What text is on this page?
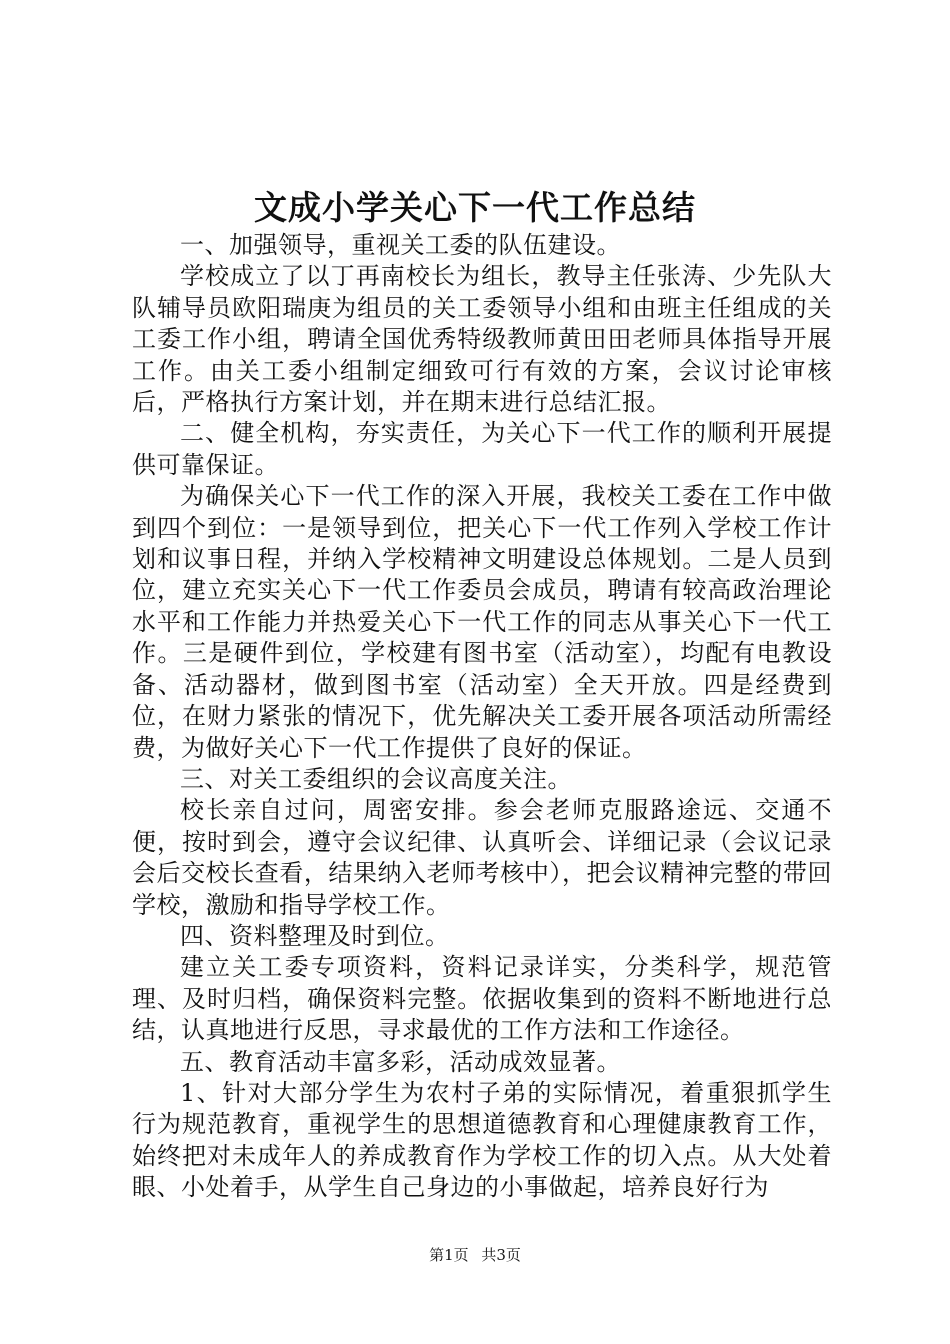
文成小学关心下一代工作总结

一、加强领导，重视关工委的队伍建设。

学校成立了以丁再南校长为组长，教导主任张涛、少先队大队辅导员欧阳瑞庚为组员的关工委领导小组和由班主任组成的关工委工作小组，聘请全国优秀特级教师黄田田老师具体指导开展工作。由关工委小组制定细致可行有效的方案，会议讨论审核后，严格执行方案计划，并在期末进行总结汇报。

二、健全机构，夯实责任，为关心下一代工作的顺利开展提供可靠保证。

为确保关心下一代工作的深入开展，我校关工委在工作中做到四个到位：一是领导到位，把关心下一代工作列入学校工作计划和议事日程，并纳入学校精神文明建设总体规划。二是人员到位，建立充实关心下一代工作委员会成员，聘请有较高政治理论水平和工作能力并热爱关心下一代工作的同志从事关心下一代工作。三是硬件到位，学校建有图书室（活动室），均配有电教设备、活动器材，做到图书室（活动室）全天开放。四是经费到位，在财力紧张的情况下，优先解决关工委开展各项活动所需经费，为做好关心下一代工作提供了良好的保证。

三、对关工委组织的会议高度关注。

校长亲自过问，周密安排。参会老师克服路途远、交通不便，按时到会，遵守会议纪律、认真听会、详细记录（会议记录会后交校长查看，结果纳入老师考核中），把会议精神完整的带回学校，激励和指导学校工作。

四、资料整理及时到位。

建立关工委专项资料，资料记录详实，分类科学，规范管理、及时归档，确保资料完整。依据收集到的资料不断地进行总结，认真地进行反思，寻求最优的工作方法和工作途径。

五、教育活动丰富多彩，活动成效显著。

1、针对大部分学生为农村子弟的实际情况，着重狠抓学生行为规范教育，重视学生的思想道德教育和心理健康教育工作，始终把对未成年人的养成教育作为学校工作的切入点。从大处着眼、小处着手，从学生自己身边的小事做起，培养良好行为

第1页 共3页
